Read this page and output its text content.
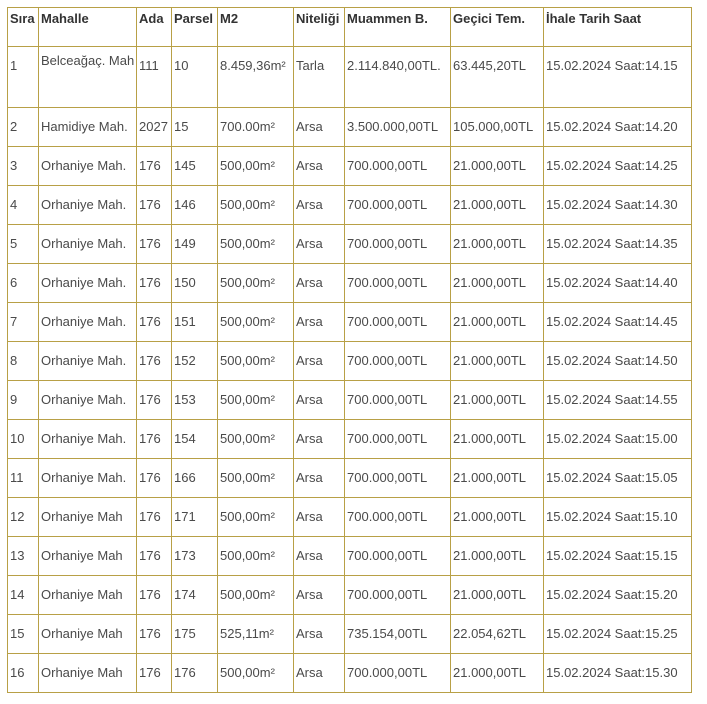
Sıra	Mahalle	Ada	Parsel	M2	Niteliği	Muammen B.	Geçici Tem.	İhale Tarih Saat
1	Belceağaç. Mah	111	10	8.459,36m²	Tarla	2.114.840,00TL.	63.445,20TL	15.02.2024 Saat:14.15
2	Hamidiye Mah.	2027	15	700.00m²	Arsa	3.500.000,00TL	105.000,00TL	15.02.2024 Saat:14.20
3	Orhaniye Mah.	176	145	500,00m²	Arsa	700.000,00TL	21.000,00TL	15.02.2024 Saat:14.25
4	Orhaniye Mah.	176	146	500,00m²	Arsa	700.000,00TL	21.000,00TL	15.02.2024 Saat:14.30
5	Orhaniye Mah.	176	149	500,00m²	Arsa	700.000,00TL	21.000,00TL	15.02.2024 Saat:14.35
6	Orhaniye Mah.	176	150	500,00m²	Arsa	700.000,00TL	21.000,00TL	15.02.2024 Saat:14.40
7	Orhaniye Mah.	176	151	500,00m²	Arsa	700.000,00TL	21.000,00TL	15.02.2024 Saat:14.45
8	Orhaniye Mah.	176	152	500,00m²	Arsa	700.000,00TL	21.000,00TL	15.02.2024 Saat:14.50
9	Orhaniye Mah.	176	153	500,00m²	Arsa	700.000,00TL	21.000,00TL	15.02.2024 Saat:14.55
10	Orhaniye Mah.	176	154	500,00m²	Arsa	700.000,00TL	21.000,00TL	15.02.2024 Saat:15.00
11	Orhaniye Mah.	176	166	500,00m²	Arsa	700.000,00TL	21.000,00TL	15.02.2024 Saat:15.05
12	Orhaniye Mah	176	171	500,00m²	Arsa	700.000,00TL	21.000,00TL	15.02.2024 Saat:15.10
13	Orhaniye Mah	176	173	500,00m²	Arsa	700.000,00TL	21.000,00TL	15.02.2024 Saat:15.15
14	Orhaniye Mah	176	174	500,00m²	Arsa	700.000,00TL	21.000,00TL	15.02.2024 Saat:15.20
15	Orhaniye Mah	176	175	525,11m²	Arsa	735.154,00TL	22.054,62TL	15.02.2024 Saat:15.25
16	Orhaniye Mah	176	176	500,00m²	Arsa	700.000,00TL	21.000,00TL	15.02.2024 Saat:15.30
